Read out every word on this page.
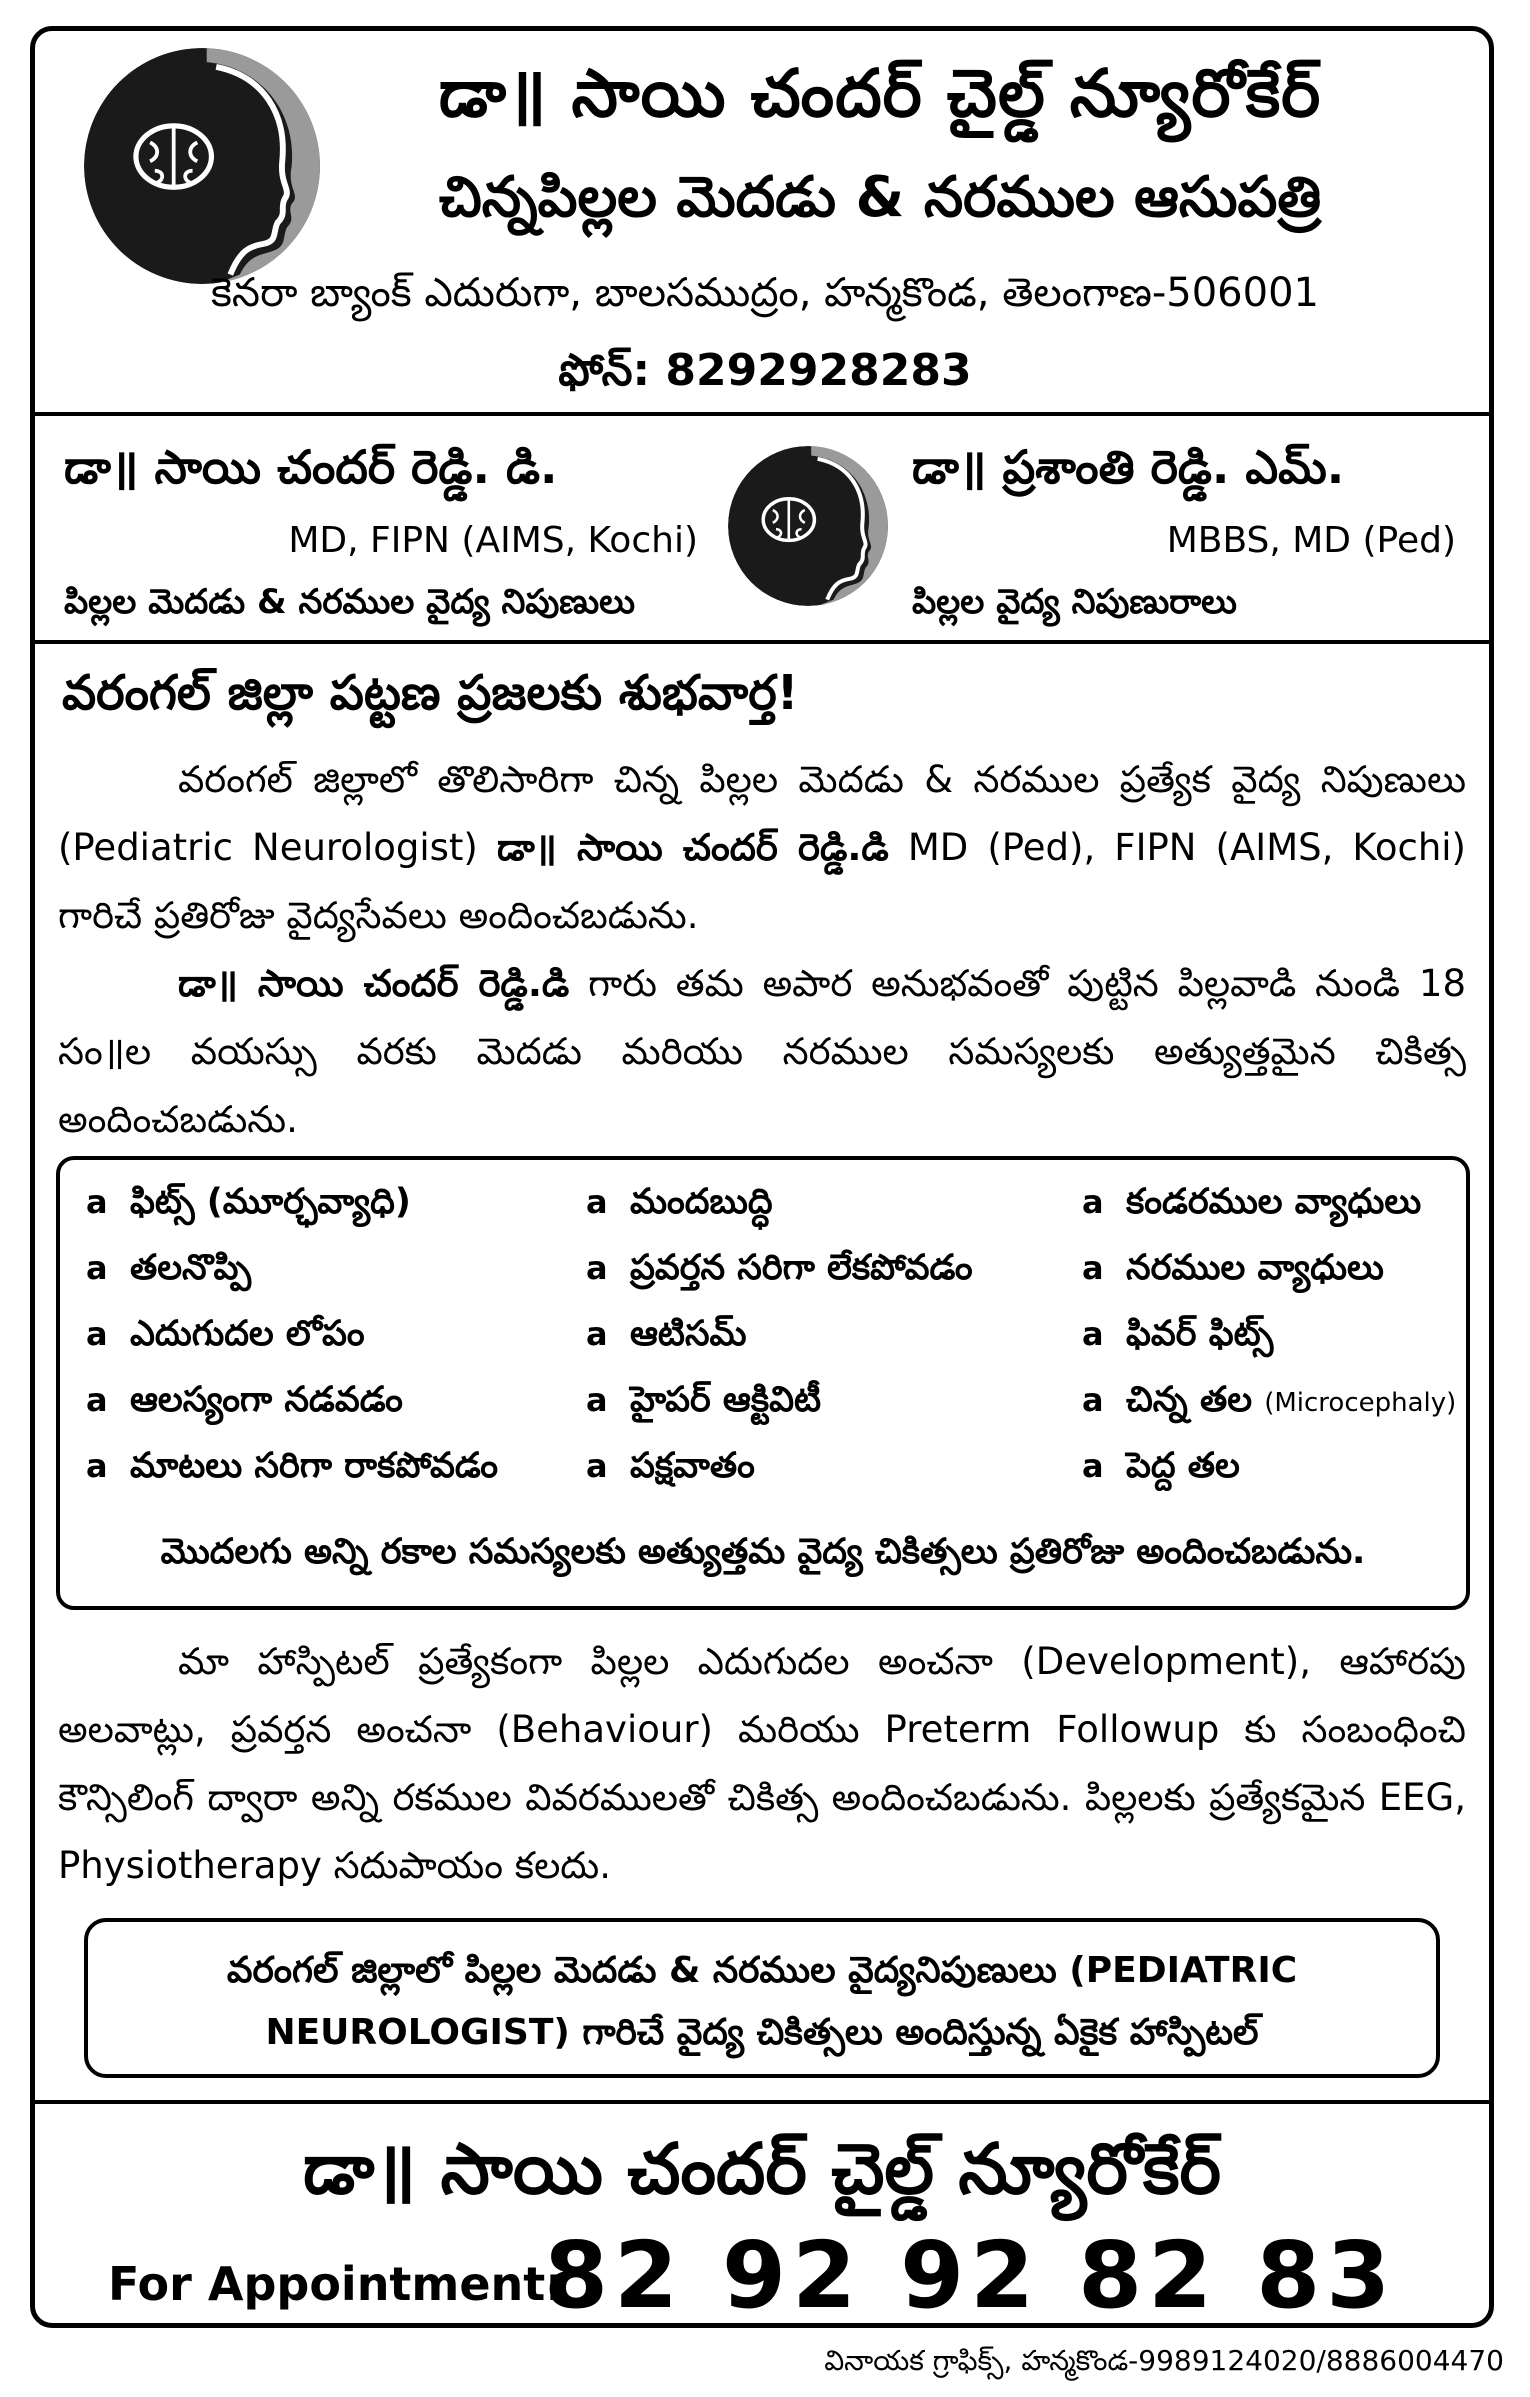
డా॥ సాయి చందర్ చైల్డ్ న్యూరోకేర్
చిన్నపిల్లల మెదడు & నరముల ఆసుపత్రి
కెనరా బ్యాంక్ ఎదురుగా, బాలసముద్రం, హన్మకొండ, తెలంగాణ-506001
ఫోన్: 8292928283
డా॥ సాయి చందర్ రెడ్డి. డి.
MD, FIPN (AIMS, Kochi)
పిల్లల మెదడు & నరముల వైద్య నిపుణులు
డా॥ ప్రశాంతి రెడ్డి. ఎమ్.
MBBS, MD (Ped)
పిల్లల వైద్య నిపుణురాలు
వరంగల్ జిల్లా పట్టణ ప్రజలకు శుభవార్త!
వరంగల్ జిల్లాలో తొలిసారిగా చిన్న పిల్లల మెదడు & నరముల ప్రత్యేక వైద్య నిపుణులు (Pediatric Neurologist) డా॥ సాయి చందర్ రెడ్డి.డి MD (Ped), FIPN (AIMS, Kochi) గారిచే ప్రతిరోజు వైద్యసేవలు అందించబడును.
డా॥ సాయి చందర్ రెడ్డి.డి గారు తమ అపార అనుభవంతో పుట్టిన పిల్లవాడి నుండి 18 సం॥ల వయస్సు వరకు మెదడు మరియు నరముల సమస్యలకు అత్యుత్తమైన చికిత్స అందించబడును.
a ఫిట్స్ (మూర్ఛవ్యాధి)
a తలనొప్పి
a ఎదుగుదల లోపం
a ఆలస్యంగా నడవడం
a మాటలు సరిగా రాకపోవడం
a మందబుద్ధి
a ప్రవర్తన సరిగా లేకపోవడం
a ఆటిసమ్
a హైపర్ ఆక్టివిటీ
a పక్షవాతం
a కండరముల వ్యాధులు
a నరముల వ్యాధులు
a ఫివర్ ఫిట్స్
a చిన్న తల (Microcephaly)
a పెద్ద తల
మొదలగు అన్ని రకాల సమస్యలకు అత్యుత్తమ వైద్య చికిత్సలు ప్రతిరోజు అందించబడును.
మా హాస్పిటల్ ప్రత్యేకంగా పిల్లల ఎదుగుదల అంచనా (Development), ఆహారపు అలవాట్లు, ప్రవర్తన అంచనా (Behaviour) మరియు Preterm Followup కు సంబంధించి కౌన్సిలింగ్ ద్వారా అన్ని రకముల వివరములతో చికిత్స అందించబడును. పిల్లలకు ప్రత్యేకమైన EEG, Physiotherapy సదుపాయం కలదు.
వరంగల్ జిల్లాలో పిల్లల మెదడు & నరముల వైద్యనిపుణులు (PEDIATRIC NEUROLOGIST) గారిచే వైద్య చికిత్సలు అందిస్తున్న ఏకైక హాస్పిటల్
డా॥ సాయి చందర్ చైల్డ్ న్యూరోకేర్
For Appointment:
82 92 92 82 83
వినాయక గ్రాఫిక్స్, హన్మకొండ-9989124020/8886004470
